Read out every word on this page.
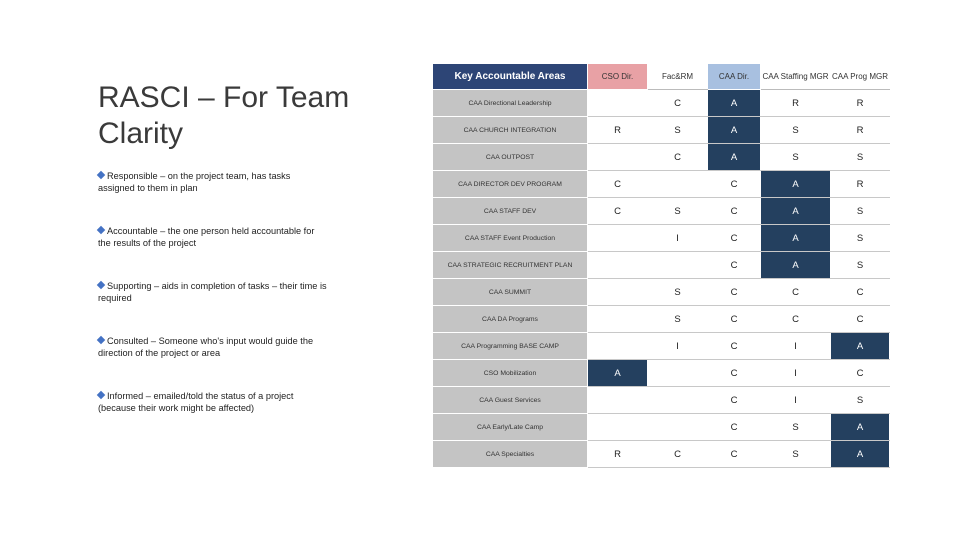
RASCI – For Team Clarity
Responsible – on the project team, has tasks assigned to them in plan
Accountable – the one person held accountable for the results of the project
Supporting – aids in completion of tasks – their time is required
Consulted – Someone who's input would guide the direction of the project or area
Informed – emailed/told the status of a project (because their work might be affected)
Key Accountable Areas	CSO Dir.	Fac&RM	CAA Dir.	CAA Staffing MGR	CAA Prog MGR
CAA Directional Leadership		C	A	R	R
CAA CHURCH INTEGRATION	R	S	A	S	R
CAA OUTPOST		C	A	S	S
CAA DIRECTOR DEV PROGRAM	C		C	A	R
CAA STAFF DEV	C	S	C	A	S
CAA STAFF Event Production		I	C	A	S
CAA STRATEGIC RECRUITMENT PLAN			C	A	S
CAA SUMMIT		S	C	C	C
CAA DA Programs		S	C	C	C
CAA Programming BASE CAMP		I	C	I	A
CSO Mobilization	A		C	I	C
CAA Guest Services			C	I	S
CAA Early/Late Camp			C	S	A
CAA Specialties	R	C	C	S	A
